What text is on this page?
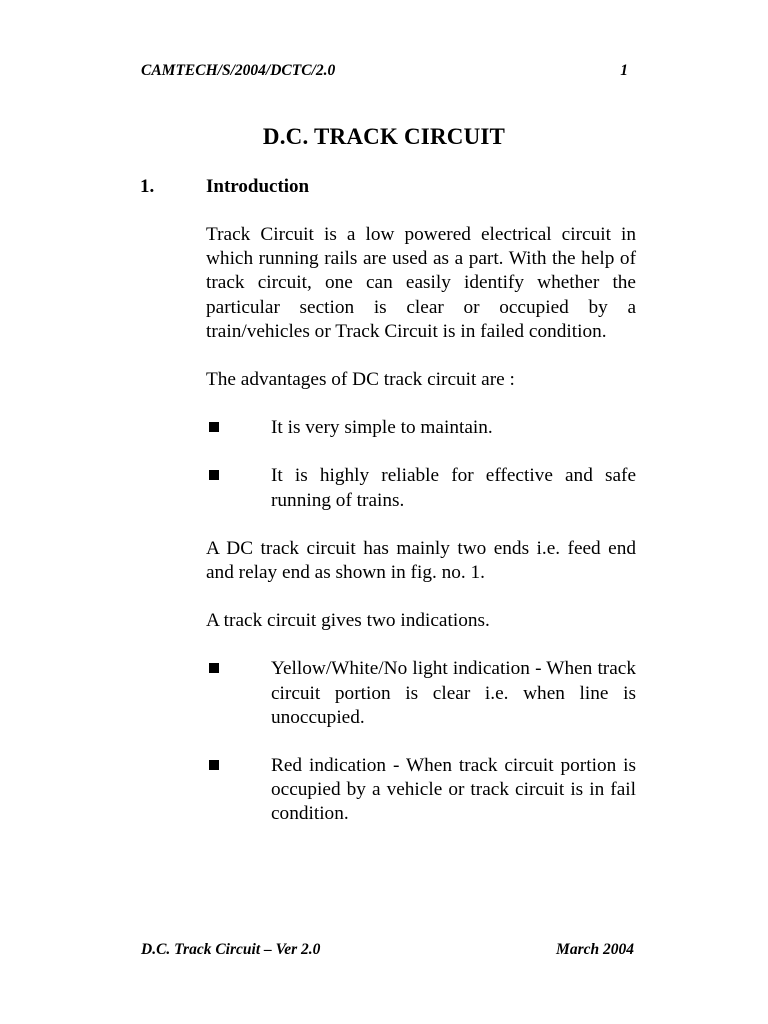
CAMTECH/S/2004/DCTC/2.0	1
D.C. TRACK CIRCUIT
1.	Introduction

Track Circuit is a low powered electrical circuit in which running rails are used as a part. With the help of track circuit, one can easily identify whether the particular section is clear or occupied by a train/vehicles or Track Circuit is in failed condition.

The advantages of DC track circuit are :

It is very simple to maintain.
It is highly reliable for effective and safe running of trains.

A DC track circuit has mainly two ends i.e. feed end and relay end as shown in fig. no. 1.

A track circuit gives two indications.

Yellow/White/No light indication - When track circuit portion is clear i.e. when line is unoccupied.
Red indication - When track circuit portion is occupied by a vehicle or track circuit is in fail condition.
D.C. Track Circuit – Ver 2.0	March 2004
